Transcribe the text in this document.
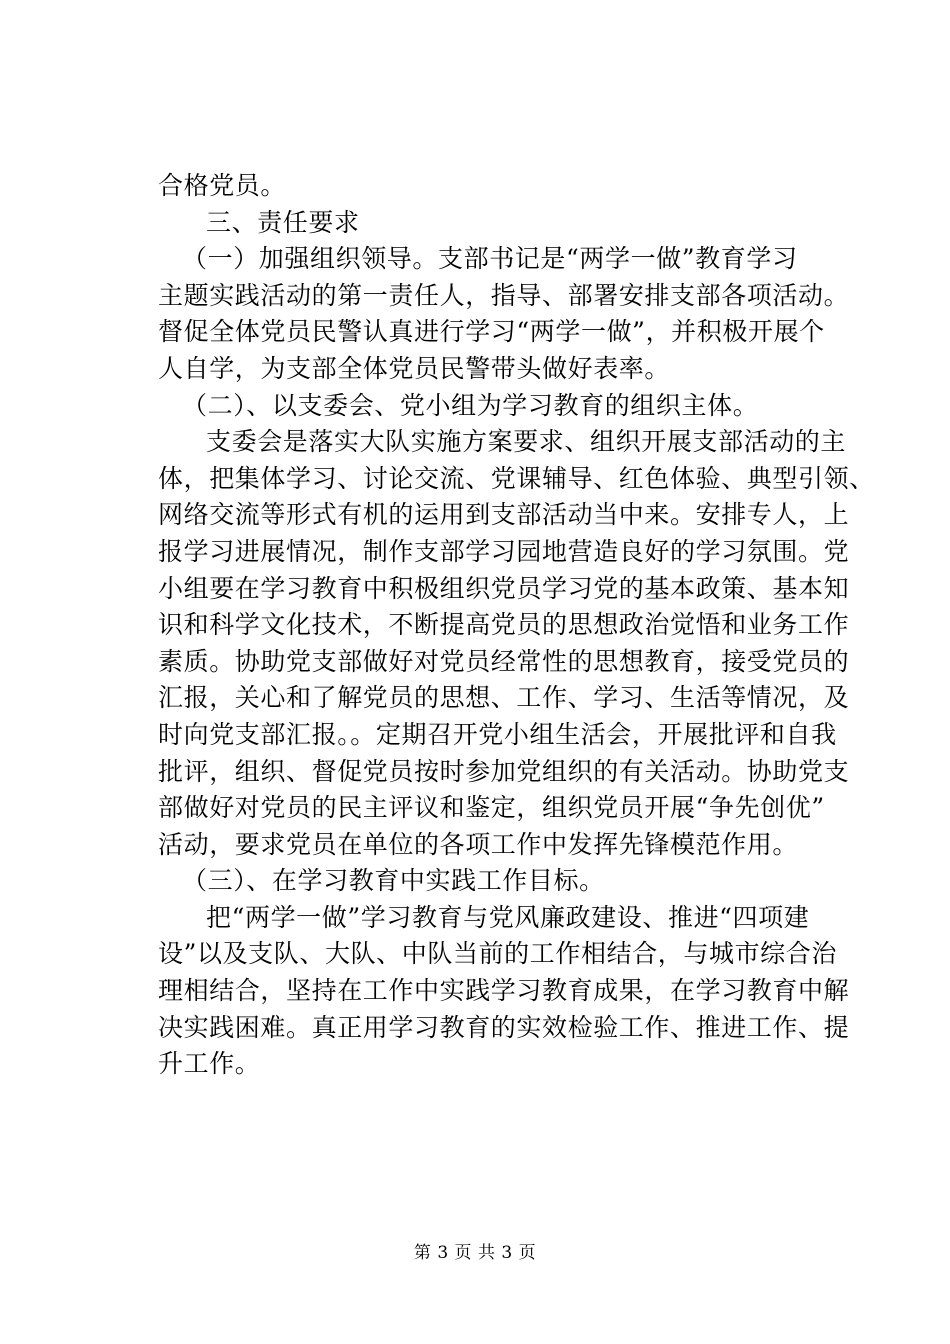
合格党员。
三、责任要求
（一）加强组织领导。支部书记是“两学一做”教育学习
主题实践活动的第一责任人，指导、部署安排支部各项活动。
督促全体党员民警认真进行学习“两学一做”，并积极开展个
人自学，为支部全体党员民警带头做好表率。
（二）、以支委会、党小组为学习教育的组织主体。
支委会是落实大队实施方案要求、组织开展支部活动的主
体，把集体学习、讨论交流、党课辅导、红色体验、典型引领、
网络交流等形式有机的运用到支部活动当中来。安排专人，上
报学习进展情况，制作支部学习园地营造良好的学习氛围。党
小组要在学习教育中积极组织党员学习党的基本政策、基本知
识和科学文化技术，不断提高党员的思想政治觉悟和业务工作
素质。协助党支部做好对党员经常性的思想教育，接受党员的
汇报，关心和了解党员的思想、工作、学习、生活等情况，及
时向党支部汇报。。定期召开党小组生活会，开展批评和自我
批评，组织、督促党员按时参加党组织的有关活动。协助党支
部做好对党员的民主评议和鉴定，组织党员开展“争先创优”
活动，要求党员在单位的各项工作中发挥先锋模范作用。
（三）、在学习教育中实践工作目标。
把“两学一做”学习教育与党风廉政建设、推进“四项建
设”以及支队、大队、中队当前的工作相结合，与城市综合治
理相结合，坚持在工作中实践学习教育成果，在学习教育中解
决实践困难。真正用学习教育的实效检验工作、推进工作、提
升工作。
第 3 页 共 3 页
